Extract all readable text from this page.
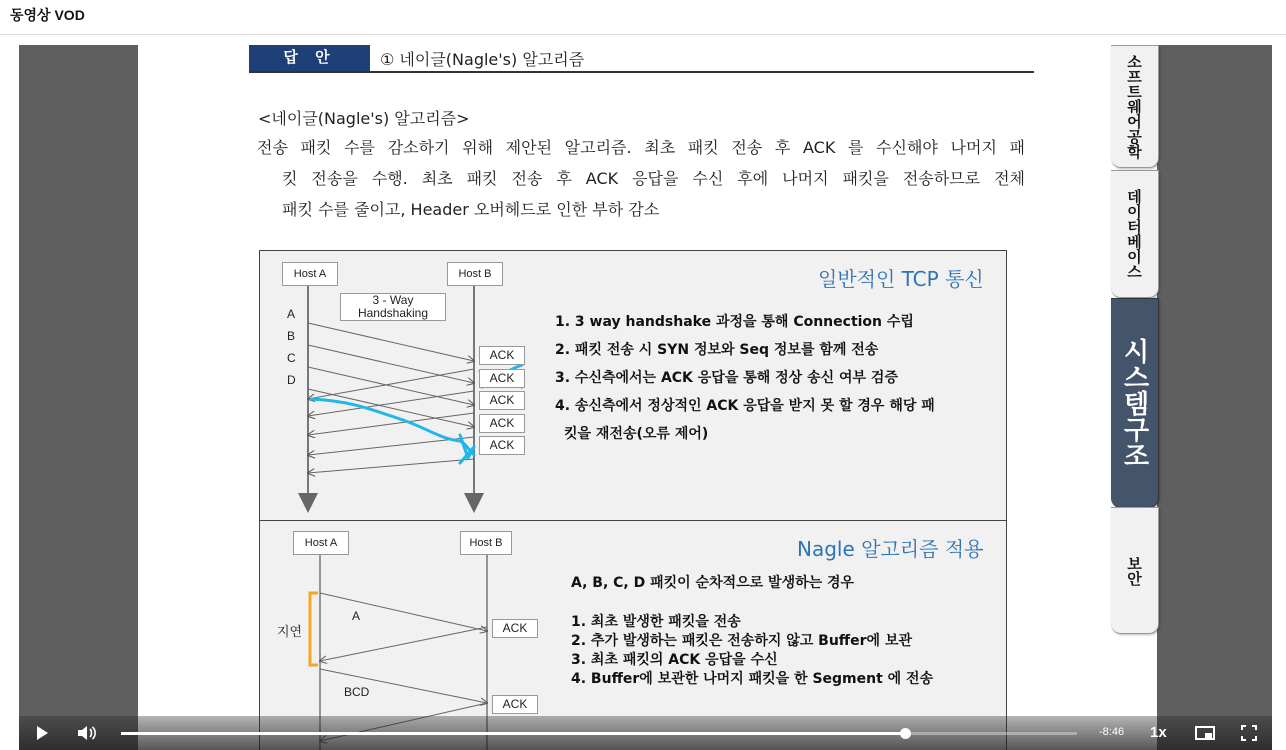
동영상 VOD
답 안	① 네이글(Nagle's) 알고리즘
<네이글(Nagle's) 알고리즘>

전송 패킷 수를 감소하기 위해 제안된 알고리즘. 최초 패킷 전송 후 ACK 를 수신해야 나머지 패

킷 전송을 수행. 최초 패킷 전송 후 ACK 응답을 수신 후에 나머지 패킷을 전송하므로 전체

패킷 수를 줄이고, Header 오버헤드로 인한 부하 감소

Host A	Host B
3 - Way
Handshaking
A
B
C
D
ACK
ACK
ACK
ACK
ACK
일반적인 TCP 통신
1. 3 way handshake 과정을 통해 Connection 수립
2. 패킷 전송 시 SYN 정보와 Seq 정보를 함께 전송
3. 수신측에서는 ACK 응답을 통해 정상 송신 여부 검증
4. 송신측에서 정상적인 ACK 응답을 받지 못 할 경우 해당 패
킷을 재전송(오류 제어)
Host A	Host B
지연
A
BCD
ACK
ACK
Nagle 알고리즘 적용
A, B, C, D 패킷이 순차적으로 발생하는 경우
1. 최초 발생한 패킷을 전송
2. 추가 발생하는 패킷은 전송하지 않고 Buffer에 보관
3. 최초 패킷의 ACK 응답을 수신
4. Buffer에 보관한 나머지 패킷을 한 Segment 에 전송
소프트웨어공학
데이터베이스
시스템구조
보안
-8:46 1x
